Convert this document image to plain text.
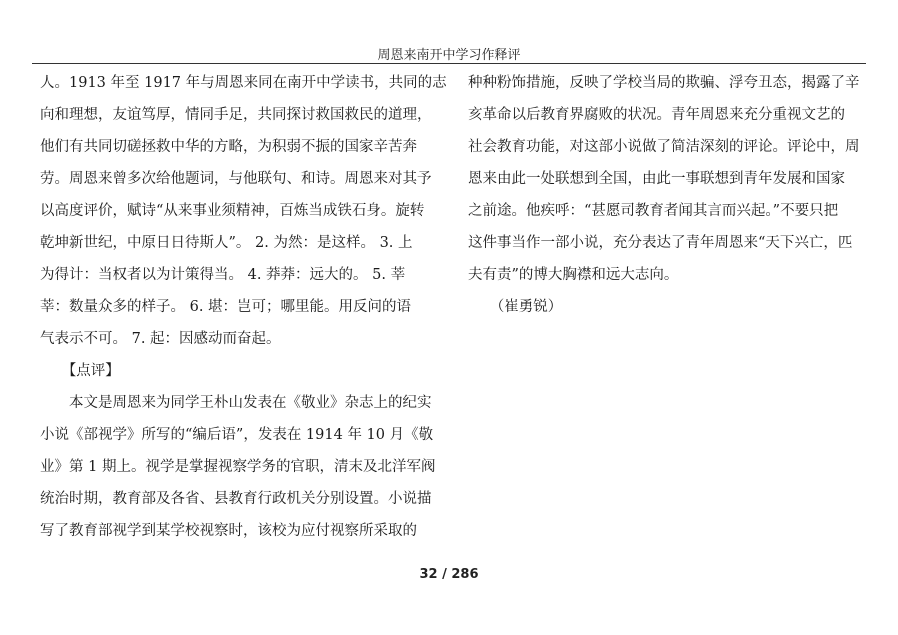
周恩来南开中学习作释评
人。1913 年至 1917 年与周恩来同在南开中学读书，共同的志
向和理想，友谊笃厚，情同手足，共同探讨救国救民的道理，
他们有共同切磋拯救中华的方略，为积弱不振的国家辛苦奔
劳。周恩来曾多次给他题词，与他联句、和诗。周恩来对其予
以高度评价，赋诗“从来事业须精神，百炼当成铁石身。旋转
乾坤新世纪，中原日日待斯人”。 2. 为然：是这样。 3. 上
为得计：当权者以为计策得当。 4. 莽莽：远大的。 5. 莘
莘：数量众多的样子。 6. 堪：岂可；哪里能。用反问的语
气表示不可。 7. 起：因感动而奋起。
　　【点评】
　　本文是周恩来为同学王朴山发表在《敬业》杂志上的纪实
小说《部视学》所写的“编后语”，发表在 1914 年 10 月《敬
业》第 1 期上。视学是掌握视察学务的官职，清末及北洋军阀
统治时期，教育部及各省、县教育行政机关分别设置。小说描
写了教育部视学到某学校视察时，该校为应付视察所采取的
种种粉饰措施，反映了学校当局的欺骗、浮夸丑态，揭露了辛
亥革命以后教育界腐败的状况。青年周恩来充分重视文艺的
社会教育功能，对这部小说做了简洁深刻的评论。评论中，周
恩来由此一处联想到全国，由此一事联想到青年发展和国家
之前途。他疾呼：“甚愿司教育者闻其言而兴起。”不要只把
这件事当作一部小说，充分表达了青年周恩来“天下兴亡，匹
夫有责”的博大胸襟和远大志向。
　　（崔勇锐）
32 / 286
